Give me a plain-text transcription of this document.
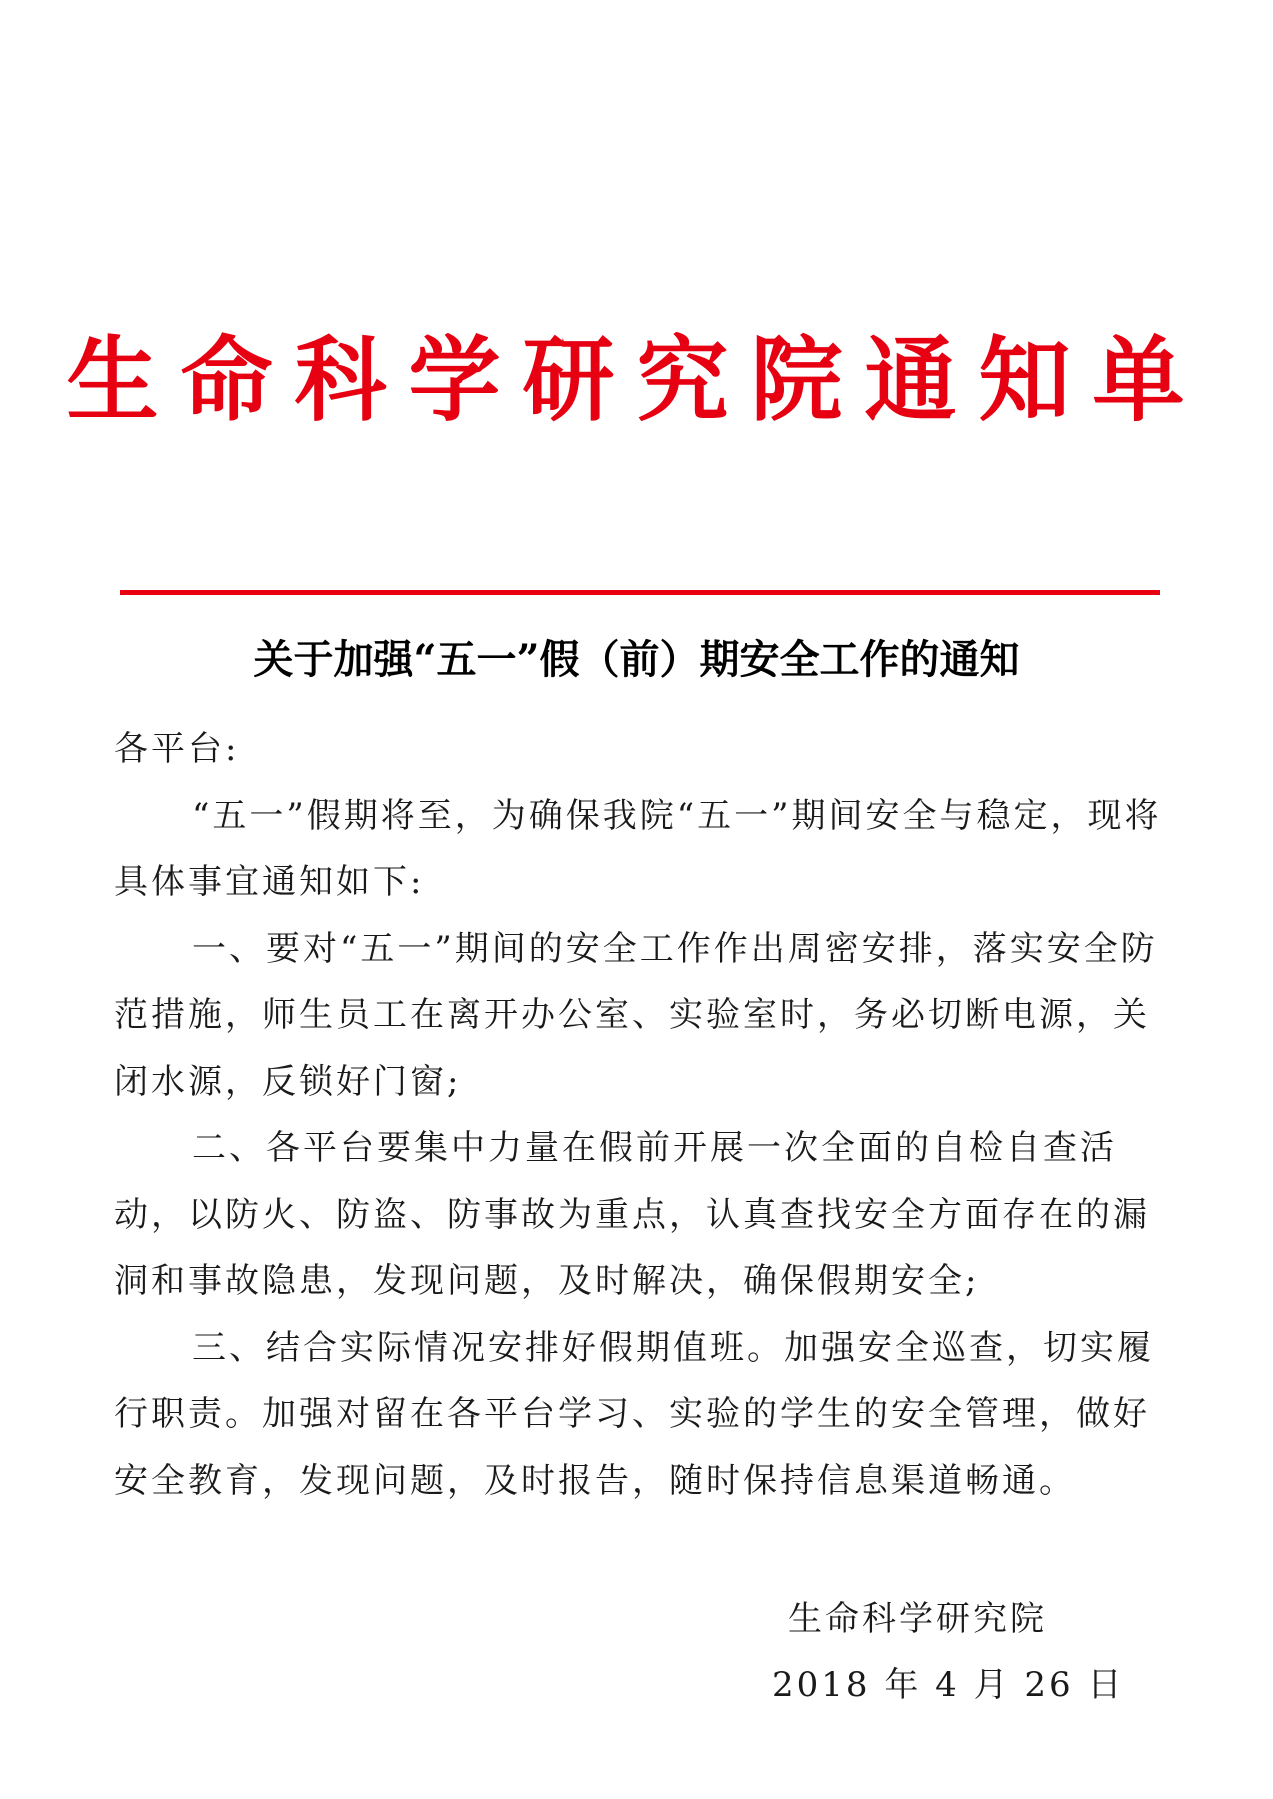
生命科学研究院通知单
关于加强“五一”假（前）期安全工作的通知

各平台:

“五一”假期将至，为确保我院“五一”期间安全与稳定，现将具体事宜通知如下:

一、要对“五一”期间的安全工作作出周密安排，落实安全防范措施，师生员工在离开办公室、实验室时，务必切断电源，关闭水源，反锁好门窗;

二、各平台要集中力量在假前开展一次全面的自检自查活动，以防火、防盗、防事故为重点，认真查找安全方面存在的漏洞和事故隐患，发现问题，及时解决，确保假期安全;

三、结合实际情况安排好假期值班。加强安全巡查，切实履行职责。加强对留在各平台学习、实验的学生的安全管理，做好安全教育，发现问题，及时报告，随时保持信息渠道畅通。

生命科学研究院
2018 年 4 月 26 日
